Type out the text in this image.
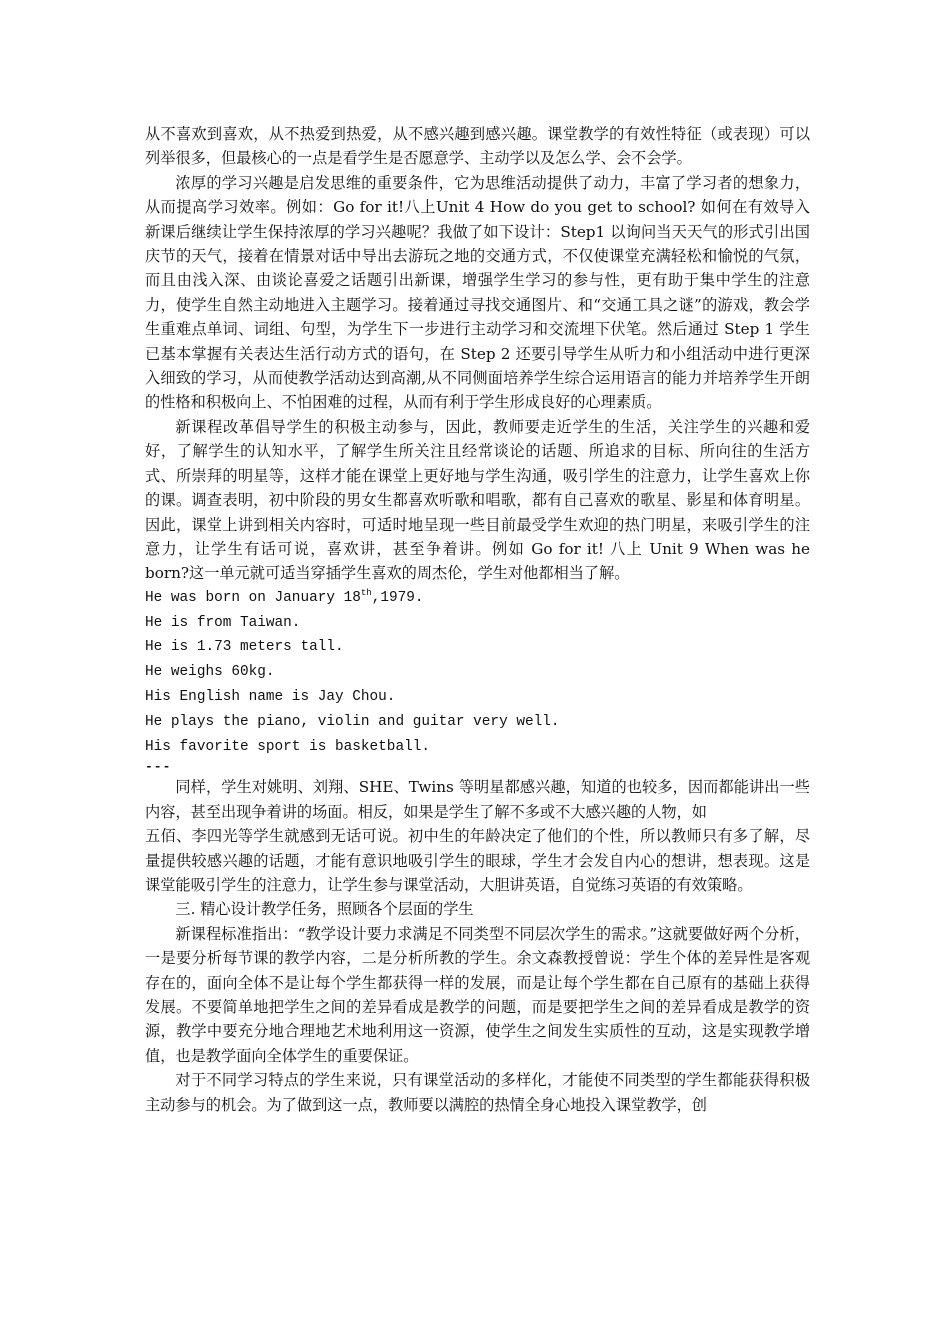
从不喜欢到喜欢，从不热爱到热爱，从不感兴趣到感兴趣。课堂教学的有效性特征（或表现）可以列举很多，但最核心的一点是看学生是否愿意学、主动学以及怎么学、会不会学。

浓厚的学习兴趣是启发思维的重要条件，它为思维活动提供了动力，丰富了学习者的想象力，从而提高学习效率。例如：Go for it!八上Unit 4 How do you get to school? 如何在有效导入新课后继续让学生保持浓厚的学习兴趣呢？我做了如下设计：Step1 以询问当天天气的形式引出国庆节的天气，接着在情景对话中导出去游玩之地的交通方式，不仅使课堂充满轻松和愉悦的气氛，而且由浅入深、由谈论喜爱之话题引出新课，增强学生学习的参与性，更有助于集中学生的注意力，使学生自然主动地进入主题学习。接着通过寻找交通图片、和“交通工具之谜”的游戏，教会学生重难点单词、词组、句型，为学生下一步进行主动学习和交流埋下伏笔。然后通过 Step 1 学生已基本掌握有关表达生活行动方式的语句，在 Step 2 还要引导学生从听力和小组活动中进行更深入细致的学习，从而使教学活动达到高潮,从不同侧面培养学生综合运用语言的能力并培养学生开朗的性格和积极向上、不怕困难的过程，从而有利于学生形成良好的心理素质。

新课程改革倡导学生的积极主动参与，因此，教师要走近学生的生活，关注学生的兴趣和爱好，了解学生的认知水平，了解学生所关注且经常谈论的话题、所追求的目标、所向往的生活方式、所崇拜的明星等，这样才能在课堂上更好地与学生沟通，吸引学生的注意力，让学生喜欢上你的课。调查表明，初中阶段的男女生都喜欢听歌和唱歌，都有自己喜欢的歌星、影星和体育明星。因此，课堂上讲到相关内容时，可适时地呈现一些目前最受学生欢迎的热门明星，来吸引学生的注意力，让学生有话可说，喜欢讲，甚至争着讲。例如 Go for it! 八上 Unit 9 When was he born?这一单元就可适当穿插学生喜欢的周杰伦，学生对他都相当了解。

He was born on January 18th,1979.

He is from Taiwan.

He is 1.73 meters tall.

He weighs 60kg.

His English name is Jay Chou.

He plays the piano, violin and guitar very well.

His favorite sport is basketball.

---

同样，学生对姚明、刘翔、SHE、Twins 等明星都感兴趣，知道的也较多，因而都能讲出一些内容，甚至出现争着讲的场面。相反，如果是学生了解不多或不大感兴趣的人物，如

五佰、李四光等学生就感到无话可说。初中生的年龄决定了他们的个性，所以教师只有多了解，尽量提供较感兴趣的话题，才能有意识地吸引学生的眼球，学生才会发自内心的想讲，想表现。这是课堂能吸引学生的注意力，让学生参与课堂活动，大胆讲英语，自觉练习英语的有效策略。

三. 精心设计教学任务，照顾各个层面的学生

新课程标准指出：“教学设计要力求满足不同类型不同层次学生的需求。”这就要做好两个分析，一是要分析每节课的教学内容，二是分析所教的学生。余文森教授曾说：学生个体的差异性是客观存在的，面向全体不是让每个学生都获得一样的发展，而是让每个学生都在自己原有的基础上获得发展。不要简单地把学生之间的差异看成是教学的问题，而是要把学生之间的差异看成是教学的资源，教学中要充分地合理地艺术地利用这一资源，使学生之间发生实质性的互动，这是实现教学增值，也是教学面向全体学生的重要保证。

对于不同学习特点的学生来说，只有课堂活动的多样化，才能使不同类型的学生都能获得积极主动参与的机会。为了做到这一点，教师要以满腔的热情全身心地投入课堂教学，创
